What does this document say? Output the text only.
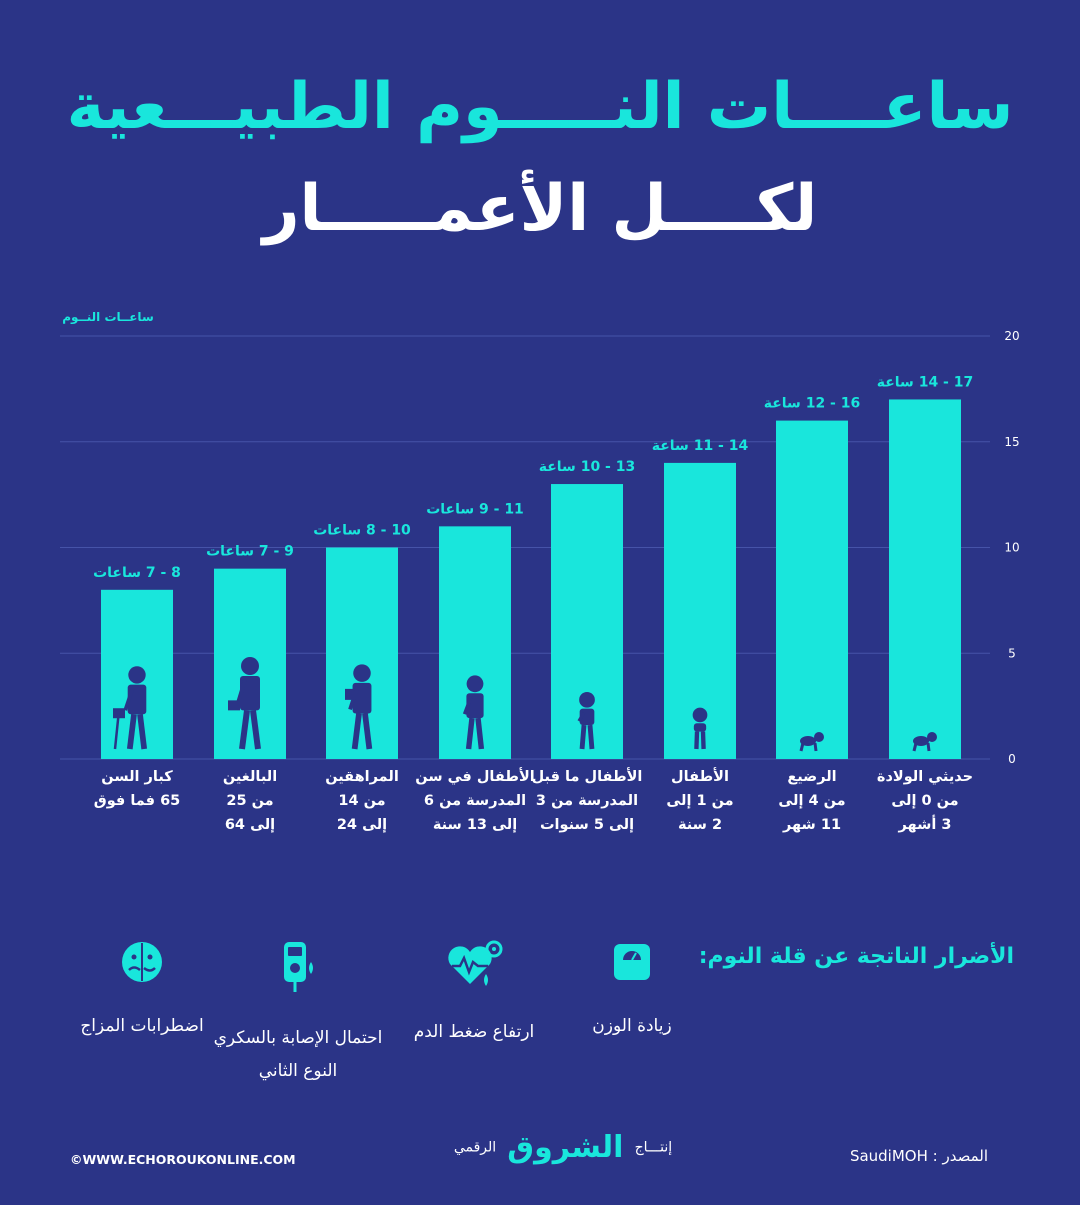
ساعــــات النـــــوم الطبيـــعية
لكــــل الأعمـــــار
0
5
10
15
20
17 - 14 ساعة
16 - 12 ساعة
14 - 11 ساعة
13 - 10 ساعة
11 - 9 ساعات
10 - 8 ساعات
9 - 7 ساعات
8 - 7 ساعات
ساعــات النــوم
حديثي الولادة
من 0 إلى
3 أشهر
الرضيع
من 4 إلى
11 شهر
الأطفال
من 1 إلى
2 سنة
الأطفال ما قبل
المدرسة من 3
إلى 5 سنوات
الأطفال في سن
المدرسة من 6
إلى 13 سنة
المراهقين
من 14
إلى 24
البالغين
من 25
إلى 64
كبار السن
65 فما فوق
الأضرار الناتجة عن قلة النوم:
زيادة الوزن
ارتفاع ضغط الدم
احتمال الإصابة بالسكري النوع الثاني
اضطرابات المزاج
المصدر : SaudiMOH
إنتـــاج الشروق الرقمي
©WWW.ECHOROUKONLINE.COM
